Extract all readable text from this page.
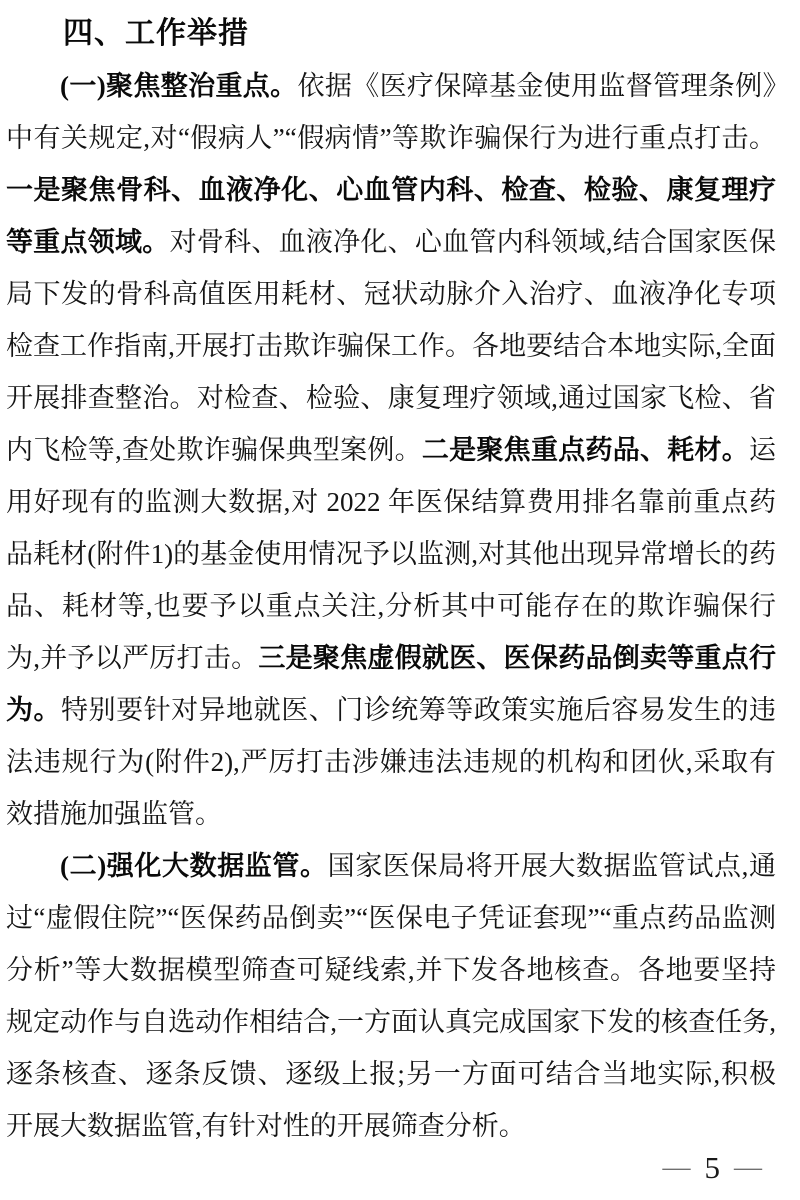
四、工作举措

(一)聚焦整治重点。依据《医疗保障基金使用监督管理条例》中有关规定,对“假病人”“假病情”等欺诈骗保行为进行重点打击。一是聚焦骨科、血液净化、心血管内科、检查、检验、康复理疗等重点领域。对骨科、血液净化、心血管内科领域,结合国家医保局下发的骨科高值医用耗材、冠状动脉介入治疗、血液净化专项检查工作指南,开展打击欺诈骗保工作。各地要结合本地实际,全面开展排查整治。对检查、检验、康复理疗领域,通过国家飞检、省内飞检等,查处欺诈骗保典型案例。二是聚焦重点药品、耗材。运用好现有的监测大数据,对 2022 年医保结算费用排名靠前重点药品耗材(附件1)的基金使用情况予以监测,对其他出现异常增长的药品、耗材等,也要予以重点关注,分析其中可能存在的欺诈骗保行为,并予以严厉打击。三是聚焦虚假就医、医保药品倒卖等重点行为。特别要针对异地就医、门诊统筹等政策实施后容易发生的违法违规行为(附件2),严厉打击涉嫌违法违规的机构和团伙,采取有效措施加强监管。

(二)强化大数据监管。国家医保局将开展大数据监管试点,通过“虚假住院”“医保药品倒卖”“医保电子凭证套现”“重点药品监测分析”等大数据模型筛查可疑线索,并下发各地核查。各地要坚持规定动作与自选动作相结合,一方面认真完成国家下发的核查任务,逐条核查、逐条反馈、逐级上报;另一方面可结合当地实际,积极开展大数据监管,有针对性的开展筛查分析。

— 5 —
